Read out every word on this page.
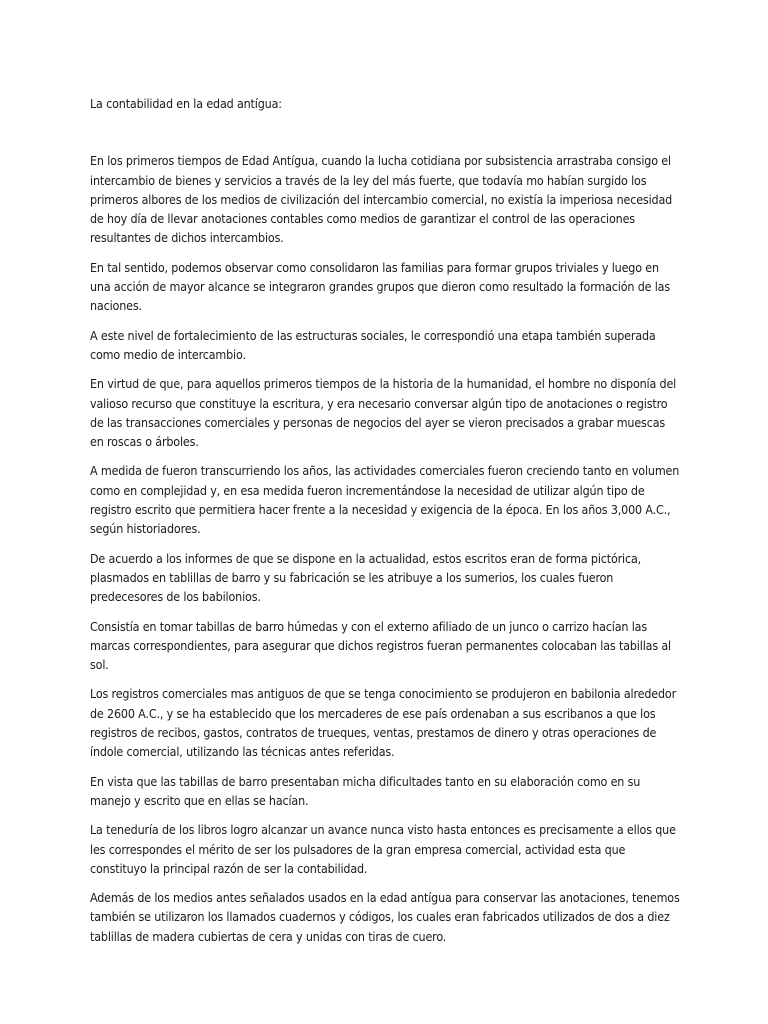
La contabilidad en la edad antígua:

En los primeros tiempos de Edad Antígua, cuando la lucha cotidiana por subsistencia arrastraba consigo el intercambio de bienes y servicios a través de la ley del más fuerte, que todavía mo habían surgido los primeros albores de los medios de civilización del intercambio comercial, no existía la imperiosa necesidad de hoy día de llevar anotaciones contables como medios de garantizar el control de las operaciones resultantes de dichos intercambios.

En tal sentido, podemos observar como consolidaron las familias para formar grupos triviales y luego en una acción de mayor alcance se integraron grandes grupos que dieron como resultado la formación de las naciones.

A este nivel de fortalecimiento de las estructuras sociales, le correspondió una etapa también superada como medio de intercambio.

En virtud de que, para aquellos primeros tiempos de la historia de la humanidad, el hombre no disponía del valioso recurso que constituye la escritura, y era necesario conversar algún tipo de anotaciones o registro de las transacciones comerciales y personas de negocios del ayer se vieron precisados a grabar muescas en roscas o árboles.

A medida de fueron transcurriendo los años, las actividades comerciales fueron creciendo tanto en volumen como en complejidad y, en esa medida fueron incrementándose la necesidad de utilizar algún tipo de registro escrito que permitiera hacer frente a la necesidad y exigencia de la época. En los años 3,000 A.C., según historiadores.

De acuerdo a los informes de que se dispone en la actualidad, estos escritos eran de forma pictórica, plasmados en tablillas de barro y su fabricación se les atribuye a los sumerios, los cuales fueron predecesores de los babilonios.

Consistía en tomar tabillas de barro húmedas y con el externo afiliado de un junco o carrizo hacían las marcas correspondientes, para asegurar que dichos registros fueran permanentes colocaban las tabillas al sol.

Los registros comerciales mas antiguos de que se tenga conocimiento se produjeron en babilonia alrededor de 2600 A.C., y se ha establecido que los mercaderes de ese país ordenaban a sus escribanos a que los registros de recibos, gastos, contratos de trueques, ventas, prestamos de dinero y otras operaciones de índole comercial, utilizando las técnicas antes referidas.

En vista que las tabillas de barro presentaban micha dificultades tanto en su elaboración como en su manejo y escrito que en ellas se hacían.

La teneduría de los libros logro alcanzar un avance nunca visto hasta entonces es precisamente a ellos que les correspondes el mérito de ser los pulsadores de la gran empresa comercial, actividad esta que constituyo la principal razón de ser la contabilidad.

Además de los medios antes señalados usados en la edad antígua para conservar las anotaciones, tenemos también se utilizaron los llamados cuadernos y códigos, los cuales eran fabricados utilizados de dos a diez tablillas de madera cubiertas de cera y unidas con tiras de cuero.
